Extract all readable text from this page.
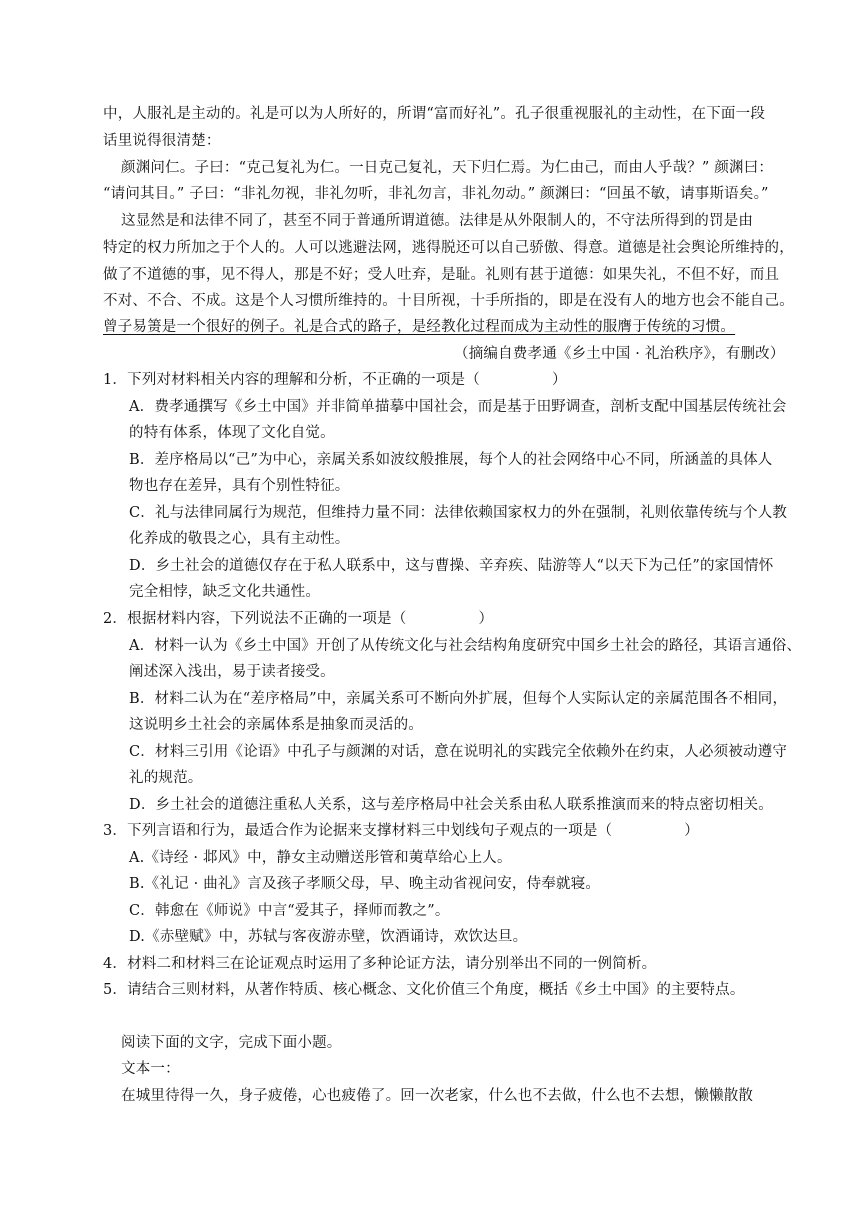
中，人服礼是主动的。礼是可以为人所好的，所谓“富而好礼”。孔子很重视服礼的主动性，在下面一段
话里说得很清楚：
颜渊问仁。子曰：“克己复礼为仁。一日克己复礼，天下归仁焉。为仁由己，而由人乎哉？” 颜渊曰：
“请问其目。” 子曰：“非礼勿视，非礼勿听，非礼勿言，非礼勿动。” 颜渊曰：“回虽不敏，请事斯语矣。”
这显然是和法律不同了，甚至不同于普通所谓道德。法律是从外限制人的，不守法所得到的罚是由
特定的权力所加之于个人的。人可以逃避法网，逃得脱还可以自己骄傲、得意。道德是社会舆论所维持的，
做了不道德的事，见不得人，那是不好；受人吐弃，是耻。礼则有甚于道德：如果失礼，不但不好，而且
不对、不合、不成。这是个人习惯所维持的。十目所视，十手所指的，即是在没有人的地方也会不能自己。
曾子易箦是一个很好的例子。礼是合式的路子，是经教化过程而成为主动性的服膺于传统的习惯。
（摘编自费孝通《乡土中国 · 礼治秩序》，有删改）
1．下列对材料相关内容的理解和分析，不正确的一项是（	）
A．费孝通撰写《乡土中国》并非简单描摹中国社会，而是基于田野调查，剖析支配中国基层传统社会
的特有体系，体现了文化自觉。
B．差序格局以“己”为中心，亲属关系如波纹般推展，每个人的社会网络中心不同，所涵盖的具体人
物也存在差异，具有个别性特征。
C．礼与法律同属行为规范，但维持力量不同：法律依赖国家权力的外在强制，礼则依靠传统与个人教
化养成的敬畏之心，具有主动性。
D．乡土社会的道德仅存在于私人联系中，这与曹操、辛弃疾、陆游等人“以天下为己任”的家国情怀
完全相悖，缺乏文化共通性。
2．根据材料内容，下列说法不正确的一项是（	）
A．材料一认为《乡土中国》开创了从传统文化与社会结构角度研究中国乡土社会的路径，其语言通俗、
阐述深入浅出，易于读者接受。
B．材料二认为在“差序格局”中，亲属关系可不断向外扩展，但每个人实际认定的亲属范围各不相同，
这说明乡土社会的亲属体系是抽象而灵活的。
C．材料三引用《论语》中孔子与颜渊的对话，意在说明礼的实践完全依赖外在约束，人必须被动遵守
礼的规范。
D．乡土社会的道德注重私人关系，这与差序格局中社会关系由私人联系推演而来的特点密切相关。
3．下列言语和行为，最适合作为论据来支撑材料三中划线句子观点的一项是（	）
A.《诗经 · 邶风》中，静女主动赠送彤管和荑草给心上人。
B.《礼记 · 曲礼》言及孩子孝顺父母，早、晚主动省视问安，侍奉就寝。
C．韩愈在《师说》中言“爱其子，择师而教之”。
D.《赤壁赋》中，苏轼与客夜游赤壁，饮酒诵诗，欢饮达旦。
4．材料二和材料三在论证观点时运用了多种论证方法，请分别举出不同的一例简析。
5．请结合三则材料，从著作特质、核心概念、文化价值三个角度，概括《乡土中国》的主要特点。
阅读下面的文字，完成下面小题。
文本一：
在城里待得一久，身子疲倦，心也疲倦了。回一次老家，什么也不去做，什么也不去想，懒懒散散
